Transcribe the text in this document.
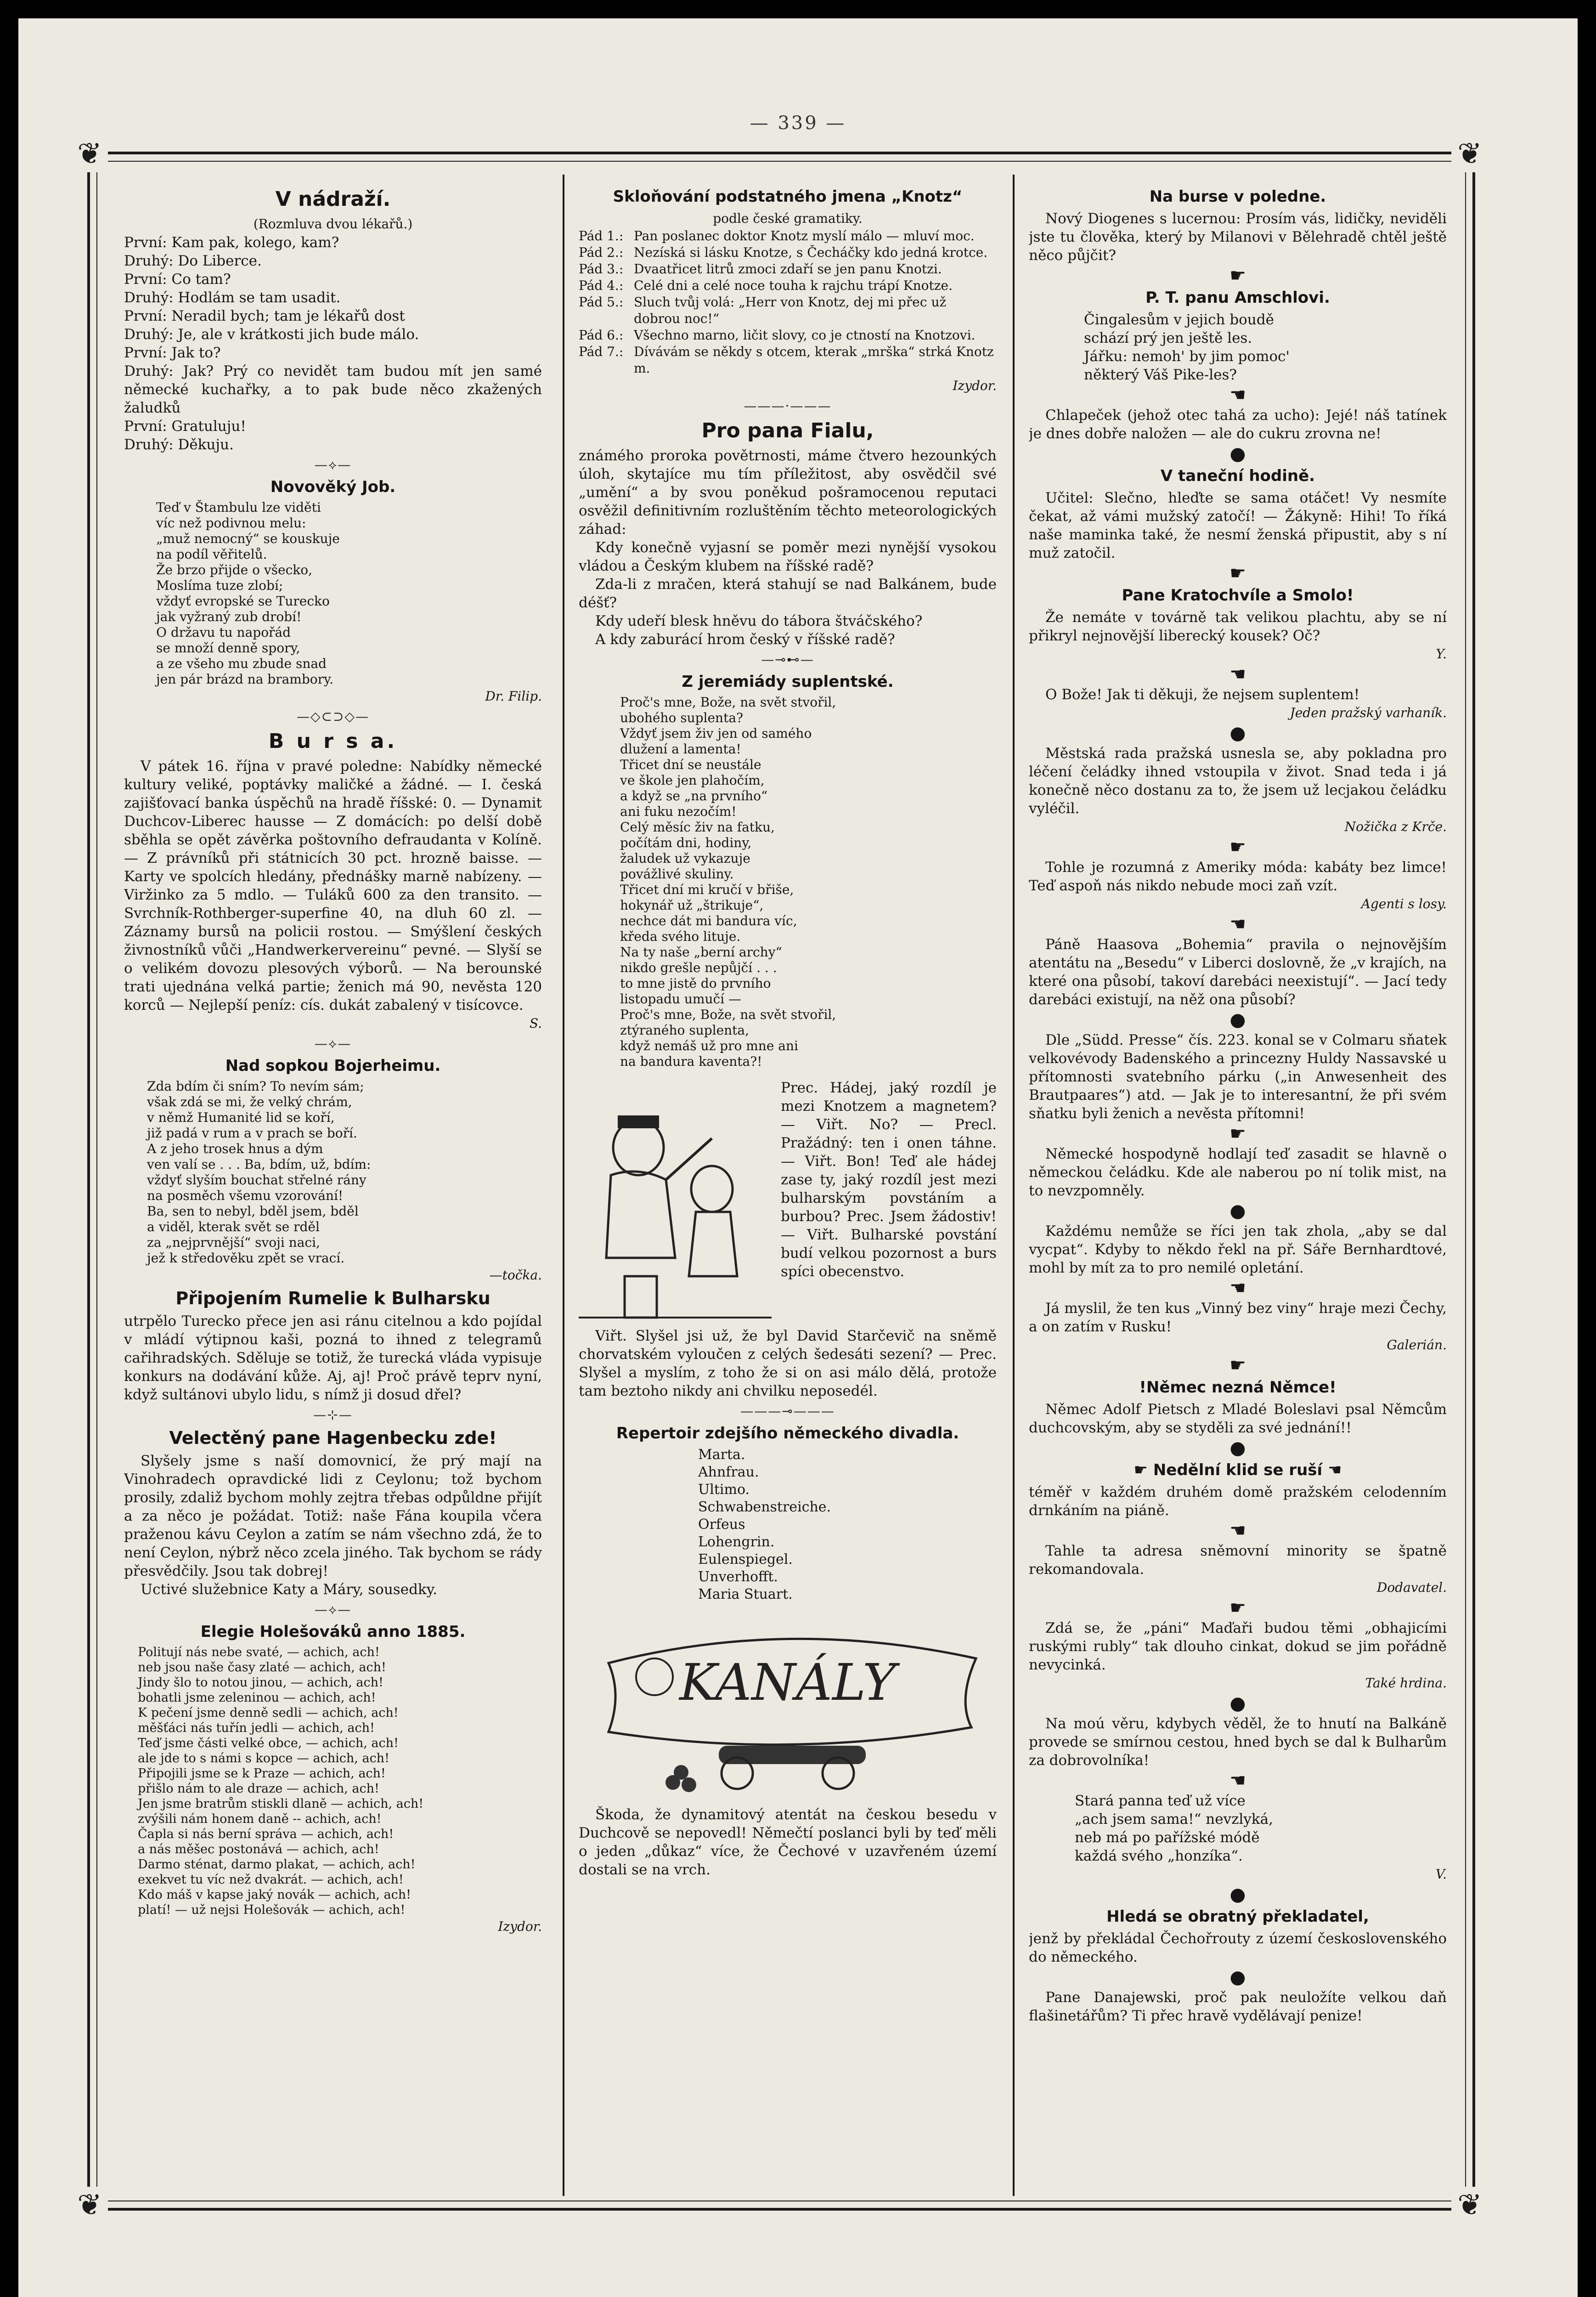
— 339 —
❦	❦
❦	❦
V nádraží.
(Rozmluva dvou lékařů.)

První: Kam pak, kolego, kam?

Druhý: Do Liberce.

První: Co tam?

Druhý: Hodlám se tam usadit.

První: Neradil bych; tam je lékařů dost

Druhý: Je, ale v krátkosti jich bude málo.

První: Jak to?

Druhý: Jak? Prý co nevidět tam budou mít jen samé německé kuchařky, a to pak bude něco zkažených žaludků

První: Gratuluju!

Druhý: Děkuju.

—⟡—
Novověký Job.
Teď v Štambulu lze viděti
víc než podivnou melu:
„muž nemocný“ se kouskuje
na podíl věřitelů.
Že brzo přijde o všecko,
Moslíma tuze zlobí;
vždyť evropské se Turecko
jak vyžraný zub drobí!
O državu tu napořád
se množí denně spory,
a ze všeho mu zbude snad
jen pár brázd na brambory.
Dr. Filip.
—◇⊂⊃◇—
B u r s a.

V pátek 16. října v pravé poledne: Nabídky německé kultury veliké, poptávky maličké a žádné. — I. česká zajišťovací banka úspěchů na hradě říšské: 0. — Dynamit Duchcov-Liberec hausse — Z domácích: po delší době sběhla se opět závěrka poštovního defraudanta v Kolíně. — Z právníků při státnicích 30 pct. hrozně baisse. — Karty ve spolcích hledány, přednášky marně nabízeny. — Viržinko za 5 mdlo. — Tuláků 600 za den transito. — Svrchník-Rothberger-superfine 40, na dluh 60 zl. — Záznamy bursů na policii rostou. — Smýšlení českých živnostníků vůči „Handwerkervereinu“ pevné. — Slyší se o velikém dovozu plesových výborů. — Na berounské trati ujednána velká partie; ženich má 90, nevěsta 120 korců — Nejlepší peníz: cís. dukát zabalený v tisícovce.

S.
—⟡—
Nad sopkou Bojerheimu.
Zda bdím či sním? To nevím sám;
však zdá se mi, že velký chrám,
v němž Humanité lid se koří,
již padá v rum a v prach se boří.
A z jeho trosek hnus a dým
ven valí se . . . Ba, bdím, už, bdím:
vždyť slyším bouchat střelné rány
na posměch všemu vzorování!
Ba, sen to nebyl, bděl jsem, bděl
a viděl, kterak svět se rděl
za „nejprvnější“ svoji naci,
jež k středověku zpět se vrací.
—točka.
Připojením Rumelie k Bulharsku

utrpělo Turecko přece jen asi ránu citelnou a kdo pojídal v mládí výtipnou kaši, pozná to ihned z telegramů cařihradských. Sdělujе se totiž, že turecká vláda vypisuje konkurs na dodávání kůže. Aj, aj! Proč právě teprv nyní, když sultánovi ubylo lidu, s nímž ji dosud dřel?

—⊹—
Velectěný pane Hagenbecku zde!

Slyšely jsme s naší domovnicí, že prý mají na Vinohradech opravdické lidi z Ceylonu; tož bychom prosily, zdaliž bychom mohly zejtra třebas odpůldne přijít a za něco je požádat. Totiž: naše Fána koupila včera praženou kávu Ceylon a zatím se nám všechno zdá, že to není Ceylon, nýbrž něco zcela jiného. Tak bychom se rády přesvědčily. Jsou tak dobrej!

Uctivé služebnice Katy a Máry, sousedky.

—⟡—
Elegie Holešováků anno 1885.
Politují nás nebe svaté, — achich, ach!
neb jsou naše časy zlaté — achich, ach!
Jindy šlo to notou jinou, — achich, ach!
bohatli jsme zeleninou — achich, ach!
K pečení jsme denně sedli — achich, ach!
měšťáci nás tuřín jedli — achich, ach!
Teď jsme části velké obce, — achich, ach!
ale jde to s námi s kopce — achich, ach!
Připojili jsme se k Praze — achich, ach!
přišlo nám to ale draze — achich, ach!
Jen jsme bratrům stiskli dlaně — achich, ach!
zvýšili nám honem daně -- achich, ach!
Čapla si nás berní správa — achich, ach!
a nás měšec postonává — achich, ach!
Darmo sténat, darmo plakat, — achich, ach!
exekvet tu víc než dvakrát. — achich, ach!
Kdo máš v kapse jaký novák — achich, ach!
platí! — už nejsi Holešovák — achich, ach!
Izydor.
Skloňování podstatného jmena „Knotz“
podle české gramatiky.
Pád 1.: Pan poslanec doktor Knotz myslí málo — mluví moc.
Pád 2.: Nezíská si lásku Knotze, s Čecháčky kdo jedná krotce.
Pád 3.: Dvaatřicet litrů zmoci zdaří se jen panu Knotzi.
Pád 4.: Celé dni a celé noce touha k rajchu trápí Knotze.
Pád 5.: Sluch tvůj volá: „Herr von Knotz, dej mi přec už dobrou noc!“
Pád 6.: Všechno marno, ličit slovy, co je ctností na Knotzovi.
Pád 7.: Dívávám se někdy s otcem, kterak „mrška“ strká Knotz m.
Izydor.
———·———
Pro pana Fialu,

známého proroka povětrnosti, máme čtvero hezounkých úloh, skytajíce mu tím příležitost, aby osvědčil své „umění“ a by svou poněkud pošramocenou reputaci osvěžil definitivním rozluštěním těchto meteorologických záhad:

Kdy konečně vyjasní se poměr mezi nynější vysokou vládou a Českým klubem na říšské radě?

Zda-li z mračen, která stahují se nad Balkánem, bude déšť?

Kdy udeří blesk hněvu do tábora štváčského?

A kdy zaburácí hrom český v říšské radě?

—⊸⊷—
Z jeremiády suplentské.
Proč's mne, Bože, na svět stvořil,
ubohého suplenta?
Vždyť jsem živ jen od samého
dlužení a lamenta!
Třicet dní se neustále
ve škole jen plahočím,
a když se „na prvního“
ani fuku nezočím!
Celý měsíc živ na fatku,
počítám dni, hodiny,
žaludek už vykazuje
povážlivé skuliny.
Třicet dní mi kručí v břiše,
hokynář už „štrikuje“,
nechce dát mi bandura víc,
kředa svého lituje.
Na ty naše „berní archy“
nikdo grešle nepůjčí . . .
to mne jistě do prvního
listopadu umučí —
Proč's mne, Bože, na svět stvořil,
ztýraného suplenta,
když nemáš už pro mne ani
na bandura kaventa?!

Prec. Hádej, jaký rozdíl je mezi Knotzem a magnetem? — Viřt. No? — Precl. Pražádný: ten i onen táhne. — Viřt. Bon! Teď ale hádej zase ty, jaký rozdíl jest mezi bulharským povstáním a burbou? Prec. Jsem žádostiv! — Viřt. Bulharské povstání budí velkou pozornost a burs spíci obecenstvo.

Viřt. Slyšel jsi už, že byl David Starčevič na sněmě chorvatském vyloučen z celých šedesáti sezení? — Prec. Slyšel a myslím, z toho že si on asi málo dělá, protože tam beztoho nikdy ani chvilku neposedél.

———⊸———
Repertoir zdejšího německého divadla.
Marta.
Ahnfrau.
Ultimo.
Schwabenstreiche.
Orfeus
Lohengrin.
Eulenspiegel.
Unverhofft.
Maria Stuart.
KANÁLY

Škoda, že dynamitový atentát na českou besedu v Duchcově se nepovedl! Němečtí poslanci byli by teď měli o jeden „důkaz“ více, že Čechové v uzavřeném území dostali se na vrch.

Na burse v poledne.

Nový Diogenes s lucernou: Prosím vás, lidičky, neviděli jste tu člověka, který by Milanovi v Bělehradě chtěl ještě něco půjčit?

☛
P. T. panu Amschlovi.
Čingalesům v jejich boudě
schází prý jen ještě les.
Jářku: nemoh' by jim pomoc'
některý Váš Pike-les?
☚

Chlapeček (jehož otec tahá za ucho): Jejé! náš tatínek je dnes dobře naložen — ale do cukru zrovna ne!

●
V taneční hodině.

Učitel: Slečno, hleďte se sama otáčet! Vy nesmíte čekat, až vámi mužský zatočí! — Žákyně: Hihi! To říká naše maminka také, že nesmí ženská připustit, aby s ní muž zatočil.

☛
Pane Kratochvíle a Smolo!

Že nemáte v továrně tak velikou plachtu, aby se ní přikryl nejnovější liberecký kousek? Oč?

Y.
☚

O Bože! Jak ti děkuji, že nejsem suplentem!

Jeden pražský varhaník.
●

Městská rada pražská usnesla se, aby pokladna pro léčení čeládky ihned vstoupila v život. Snad teda i já konečně něco dostanu za to, že jsem už lecjakou čeládku vyléčil.

Nožička z Krče.
☛

Tohle je rozumná z Ameriky móda: kabáty bez limce! Teď aspoň nás nikdo nebude moci zaň vzít.

Agenti s losy.
☚

Páně Haasova „Bohemia“ pravila o nejnovějším atentátu na „Besedu“ v Liberci doslovně, že „v krajích, na které ona působí, takoví darebáci neexistují“. — Jací tedy darebáci existují, na něž ona působí?

●

Dle „Südd. Presse“ čís. 223. konal se v Colmaru sňatek velkovévody Badenského a princezny Huldy Nassavské u přítomnosti svatebního párku („in Anwesenheit des Brautpaares“) atd. — Jak je to interesantní, že při svém sňatku byli ženich a nevěsta přítomni!

☛

Německé hospodyně hodlají teď zasadit se hlavně o německou čeládku. Kde ale naberou po ní tolik mist, na to nevzpomněly.

●

Každému nemůže se říci jen tak zhola, „aby se dal vycpat“. Kdyby to někdo řekl na př. Sáře Bernhardtové, mohl by mít za to pro nemilé opletání.

☚

Já myslil, že ten kus „Vinný bez viny“ hraje mezi Čechy, a on zatím v Rusku!

Galerián.
☛
!Němec nezná Němce!

Němec Adolf Pietsch z Mladé Boleslavi psal Němcům duchcovským, aby se styděli za své jednání!!

●
☛ Nedělní klid se ruší ☚

téměř v každém druhém domě pražském celodenním drnkáním na piáně.

☚

Tahle ta adresa sněmovní minority se špatně rekomandovala.

Dodavatel.
☛

Zdá se, že „páni“ Maďaři budou těmi „obhajicími ruskými rubly“ tak dlouho cinkat, dokud se jim pořádně nevycinká.

Také hrdina.
●

Na moú věru, kdybych věděl, že to hnutí na Balkáně provede se smírnou cestou, hned bych se dal k Bulharům za dobrovolníka!

☚
Stará panna teď už více
„ach jsem sama!“ nevzlyká,
neb má po pařížské módě
každá svého „honzíka“.
V.
●
Hledá se obratný překladatel,

jenž by překládal Čechořrouty z území československého do německého.

●

Pane Danajewski, proč pak neuložíte velkou daň flašinetářům? Ti přec hravě vydělávají penize!
